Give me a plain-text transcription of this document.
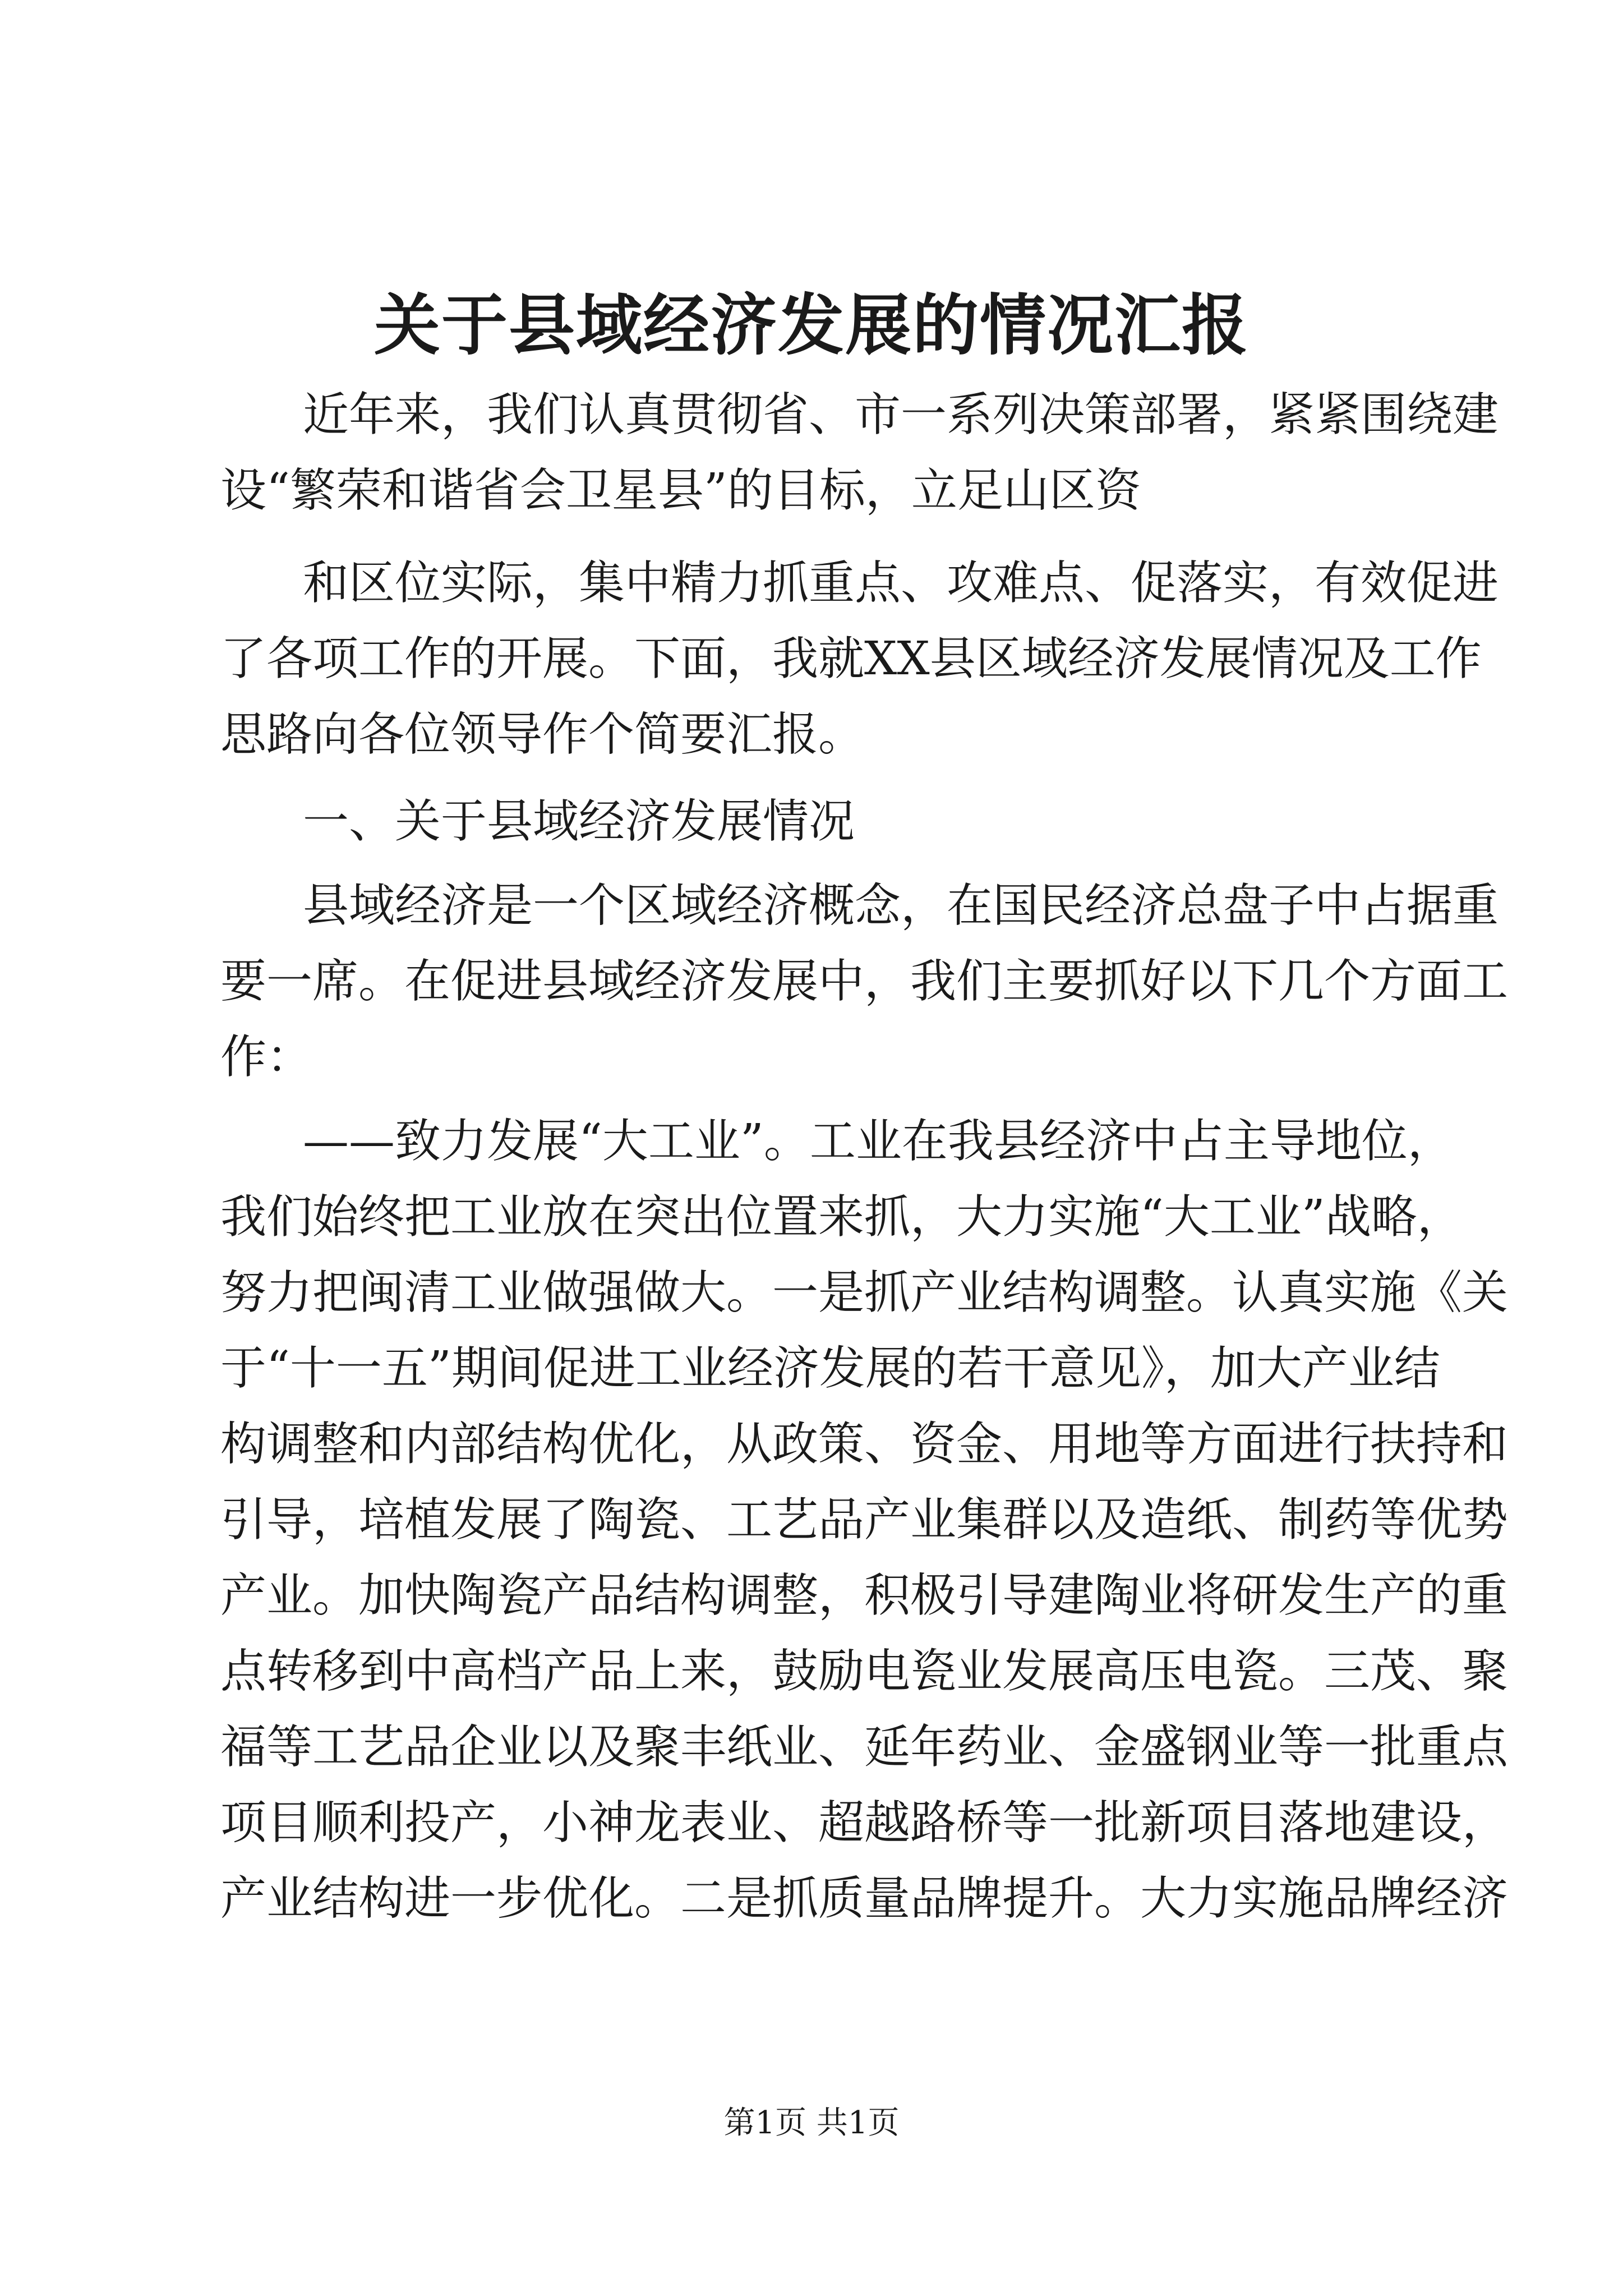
关于县域经济发展的情况汇报
近年来，我们认真贯彻省、市一系列决策部署，紧紧围绕建
设“繁荣和谐省会卫星县”的目标，立足山区资
和区位实际，集中精力抓重点、攻难点、促落实，有效促进
了各项工作的开展。下面，我就XX县区域经济发展情况及工作
思路向各位领导作个简要汇报。
一、关于县域经济发展情况
县域经济是一个区域经济概念，在国民经济总盘子中占据重
要一席。在促进县域经济发展中，我们主要抓好以下几个方面工
作：
——致力发展“大工业”。工业在我县经济中占主导地位，
我们始终把工业放在突出位置来抓，大力实施“大工业”战略，
努力把闽清工业做强做大。一是抓产业结构调整。认真实施《关
于“十一五”期间促进工业经济发展的若干意见》，加大产业结
构调整和内部结构优化，从政策、资金、用地等方面进行扶持和
引导，培植发展了陶瓷、工艺品产业集群以及造纸、制药等优势
产业。加快陶瓷产品结构调整，积极引导建陶业将研发生产的重
点转移到中高档产品上来，鼓励电瓷业发展高压电瓷。三茂、聚
福等工艺品企业以及聚丰纸业、延年药业、金盛钢业等一批重点
项目顺利投产，小神龙表业、超越路桥等一批新项目落地建设，
产业结构进一步优化。二是抓质量品牌提升。大力实施品牌经济
第1页 共1页
